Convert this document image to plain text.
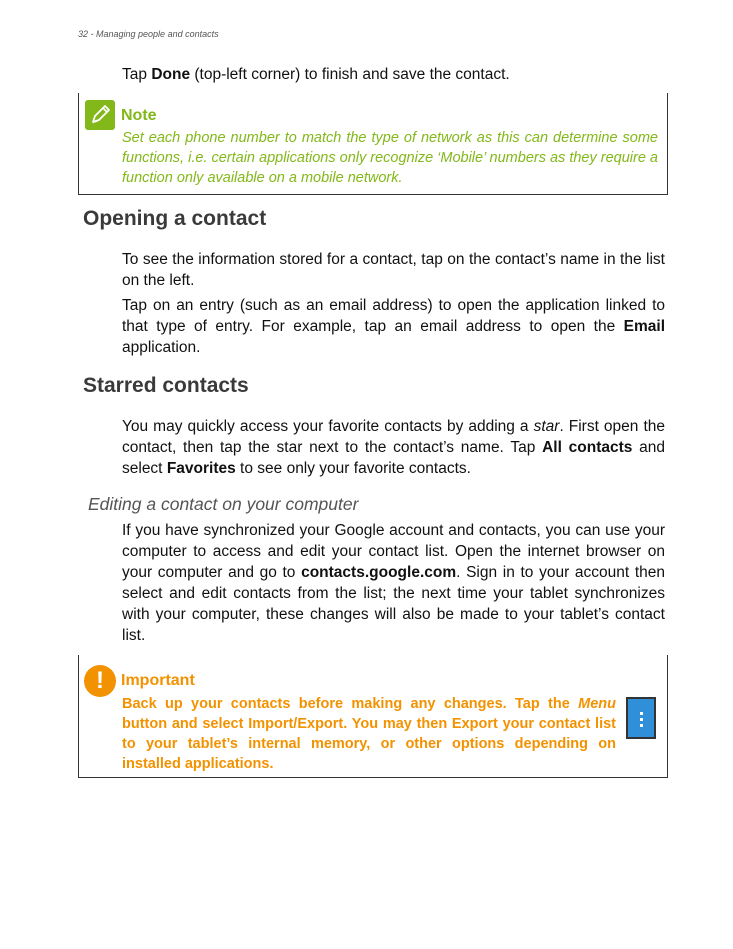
32 - Managing people and contacts
Tap Done (top-left corner) to finish and save the contact.
Note
Set each phone number to match the type of network as this can determine some functions, i.e. certain applications only recognize ‘Mobile’ numbers as they require a function only available on a mobile network.
Opening a contact
To see the information stored for a contact, tap on the contact’s name in the list on the left.
Tap on an entry (such as an email address) to open the application linked to that type of entry. For example, tap an email address to open the Email application.
Starred contacts
You may quickly access your favorite contacts by adding a star. First open the contact, then tap the star next to the contact’s name. Tap All contacts and select Favorites to see only your favorite contacts.
Editing a contact on your computer
If you have synchronized your Google account and contacts, you can use your computer to access and edit your contact list. Open the internet browser on your computer and go to contacts.google.com. Sign in to your account then select and edit contacts from the list; the next time your tablet synchronizes with your computer, these changes will also be made to your tablet’s contact list.
!	Important
Back up your contacts before making any changes. Tap the Menu button and select Import/Export. You may then Export your contact list to your tablet’s internal memory, or other options depending on installed applications.
